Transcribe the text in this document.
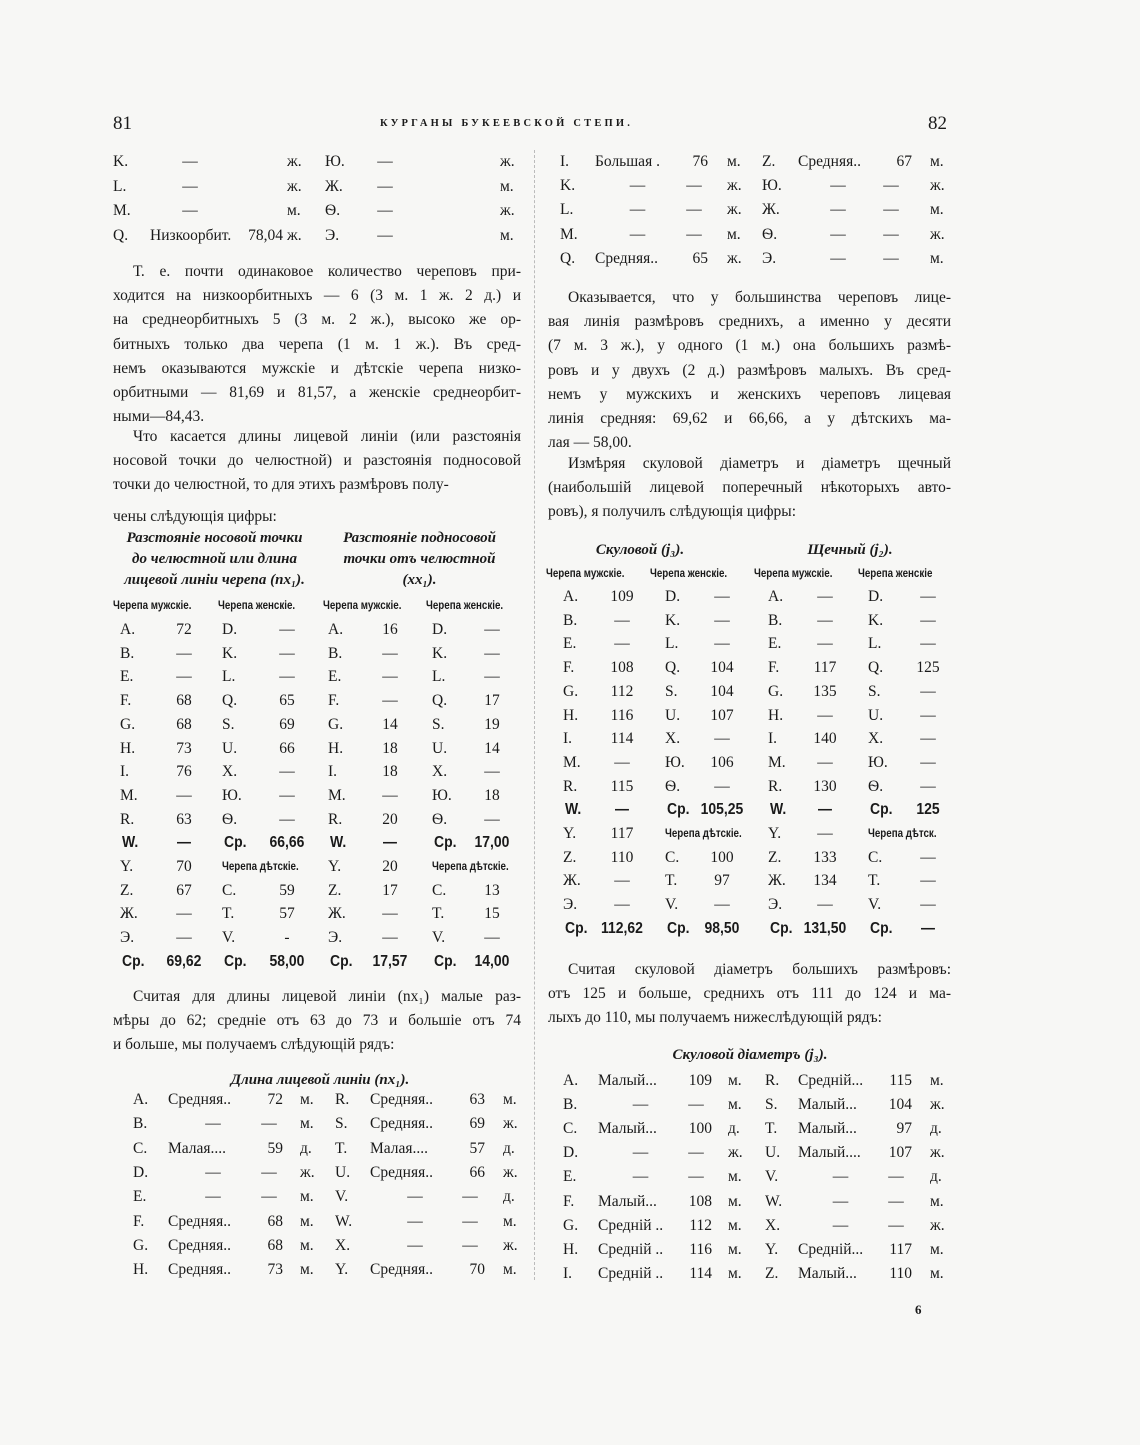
81	КУРГАНЫ БУКЕЕВСКОЙ СТЕПИ.	82
K.	—	ж.	Ю.	—	ж.
L.	—	ж.	Ж.	—	м.
M.	—	м.	Ѳ.	—	ж.
Q.	Низкоорбит.	78,04 ж.	Э.	—	м.
Т. е. почти одинаковое количество череповъ при-
ходится на низкоорбитныхъ — 6 (3 м. 1 ж. 2 д.) и
на среднеорбитныхъ 5 (3 м. 2 ж.), высоко же ор-
битныхъ только два черепа (1 м. 1 ж.). Въ сред-
немъ оказываются мужскіе и дѣтскіе черепа низко-
орбитными — 81,69 и 81,57, а женскіе среднеорбит-
ными—84,43.
Что касается длины лицевой линіи (или разстоянія
носовой точки до челюстной) и разстоянія подносовой
точки до челюстной, то для этихъ размѣровъ полу-
чены слѣдующія цифры:
Разстояніе носовой точки
до челюстной или длина
лицевой линіи черепа (nx₁).
Разстояніе подносовой
точки отъ челюстной
(xx₁).
Черепа мужскіе. Черепа женскіе. Черепа мужскіе. Черепа женскіе.
A.	72	D.	—	A.	16	D.	—
B.	—	K.	—	B.	—	K.	—
E.	—	L.	—	E.	—	L.	—
F.	68	Q.	65	F.	—	Q.	17
G.	68	S.	69	G.	14	S.	19
H.	73	U.	66	H.	18	U.	14
I.	76	X.	—	I.	18	X.	—
M.	—	Ю.	—	M.	—	Ю.	18
R.	63	Ѳ.	—	R.	20	Ѳ.	—
W.	—	Ср.	66,66	W.	—	Ср.	17,00
Y.	70	Черепа дѣтскіе. Y.	20	Черепа дѣтскіе.
Z.	67	C.	59	Z.	17	C.	13
Ж.	—	T.	57	Ж.	—	T.	15
Э.	—	V.	-	Э.	—	V.	—
Ср.	69,62	Ср.	58,00	Ср.	17,57	Ср.	14,00
Считая для длины лицевой линіи (nx₁) малые раз-
мѣры до 62; средніе отъ 63 до 73 и большіе отъ 74
и больше, мы получаемъ слѣдующій рядъ:
Длина лицевой линіи (nx₁).
A.	Средняя..	72 м.	R.	Средняя..	63 м.
B.	—	—	м.	S.	Средняя..	69 ж.
C.	Малая....	59 д.	T.	Малая....	57 д.
D.	—	—	ж.	U.	Средняя..	66 ж.
E.	—	—	м.	V.	—	—	д.
F.	Средняя..	68 м.	W.	—	—	м.
G.	Средняя..	68 м.	X.	—	—	ж.
H.	Средняя..	73 м.	Y.	Средняя..	70 м.
I.	Большая .	76 м.	Z.	Средняя..	67 м.
K.	—	—	ж.	Ю.	—	—	ж.
L.	—	—	ж.	Ж.	—	—	м.
M.	—	—	м.	Ѳ.	—	—	ж.
Q.	Средняя..	65 ж.	Э.	—	—	м.
Оказывается, что у большинства череповъ лице-
вая линія размѣровъ среднихъ, а именно у десяти
(7 м. 3 ж.), у одного (1 м.) она большихъ размѣ-
ровъ и у двухъ (2 д.) размѣровъ малыхъ. Въ сред-
немъ у мужскихъ и женскихъ череповъ лицевая
линія средняя: 69,62 и 66,66, а у дѣтскихъ ма-
лая — 58,00.
Измѣряя скуловой діаметръ и діаметръ щечный
(наибольшій лицевой поперечный нѣкоторыхъ авто-
ровъ), я получилъ слѣдующія цифры:
Скуловой (j₃).	Щечный (j₂).
Черепа мужскіе. Черепа женскіе. Черепа мужскіе. Черепа женскіе
A.	109	D.	—	A.	—	D.	—
B.	—	K.	—	B.	—	K.	—
E.	—	L.	—	E.	—	L.	—
F.	108	Q.	104	F.	117	Q.	125
G.	112	S.	104	G.	135	S.	—
H.	116	U.	107	H.	—	U.	—
I.	114	X.	—	I.	140	X.	—
M.	—	Ю.	106	M.	—	Ю.	—
R.	115	Ѳ.	—	R.	130	Ѳ.	—
W.	—	Ср. 105,25	W.	—	Ср.	125
Y.	117	Черепа дѣтскіе. Y.	—	Черепа дѣтск.
Z.	110	C.	100	Z.	133	C.	—
Ж.	—	T.	97	Ж.	134	T.	—
Э.	—	V.	—	Э.	—	V.	—
Ср. 112,62	Ср. 98,50	Ср. 131,50	Ср.	—
Считая скуловой діаметръ большихъ размѣровъ:
отъ 125 и больше, среднихъ отъ 111 до 124 и ма-
лыхъ до 110, мы получаемъ нижеслѣдующій рядъ:
Скуловой діаметръ (j₃).
A.	Малый...	109 м.	R.	Средній...	115 м.
B.	—	—	м.	S.	Малый...	104 ж.
C.	Малый...	100 д.	T.	Малый...	97 д.
D.	—	—	ж.	U.	Малый....	107 ж.
E.	—	—	м.	V.	—	—	д.
F.	Малый...	108 м.	W.	—	—	м.
G.	Средній ..	112 м.	X.	—	—	ж.
H.	Средній ..	116 м.	Y.	Средній...	117 м.
I.	Средній ..	114 м.	Z.	Малый...	110 м.
6
